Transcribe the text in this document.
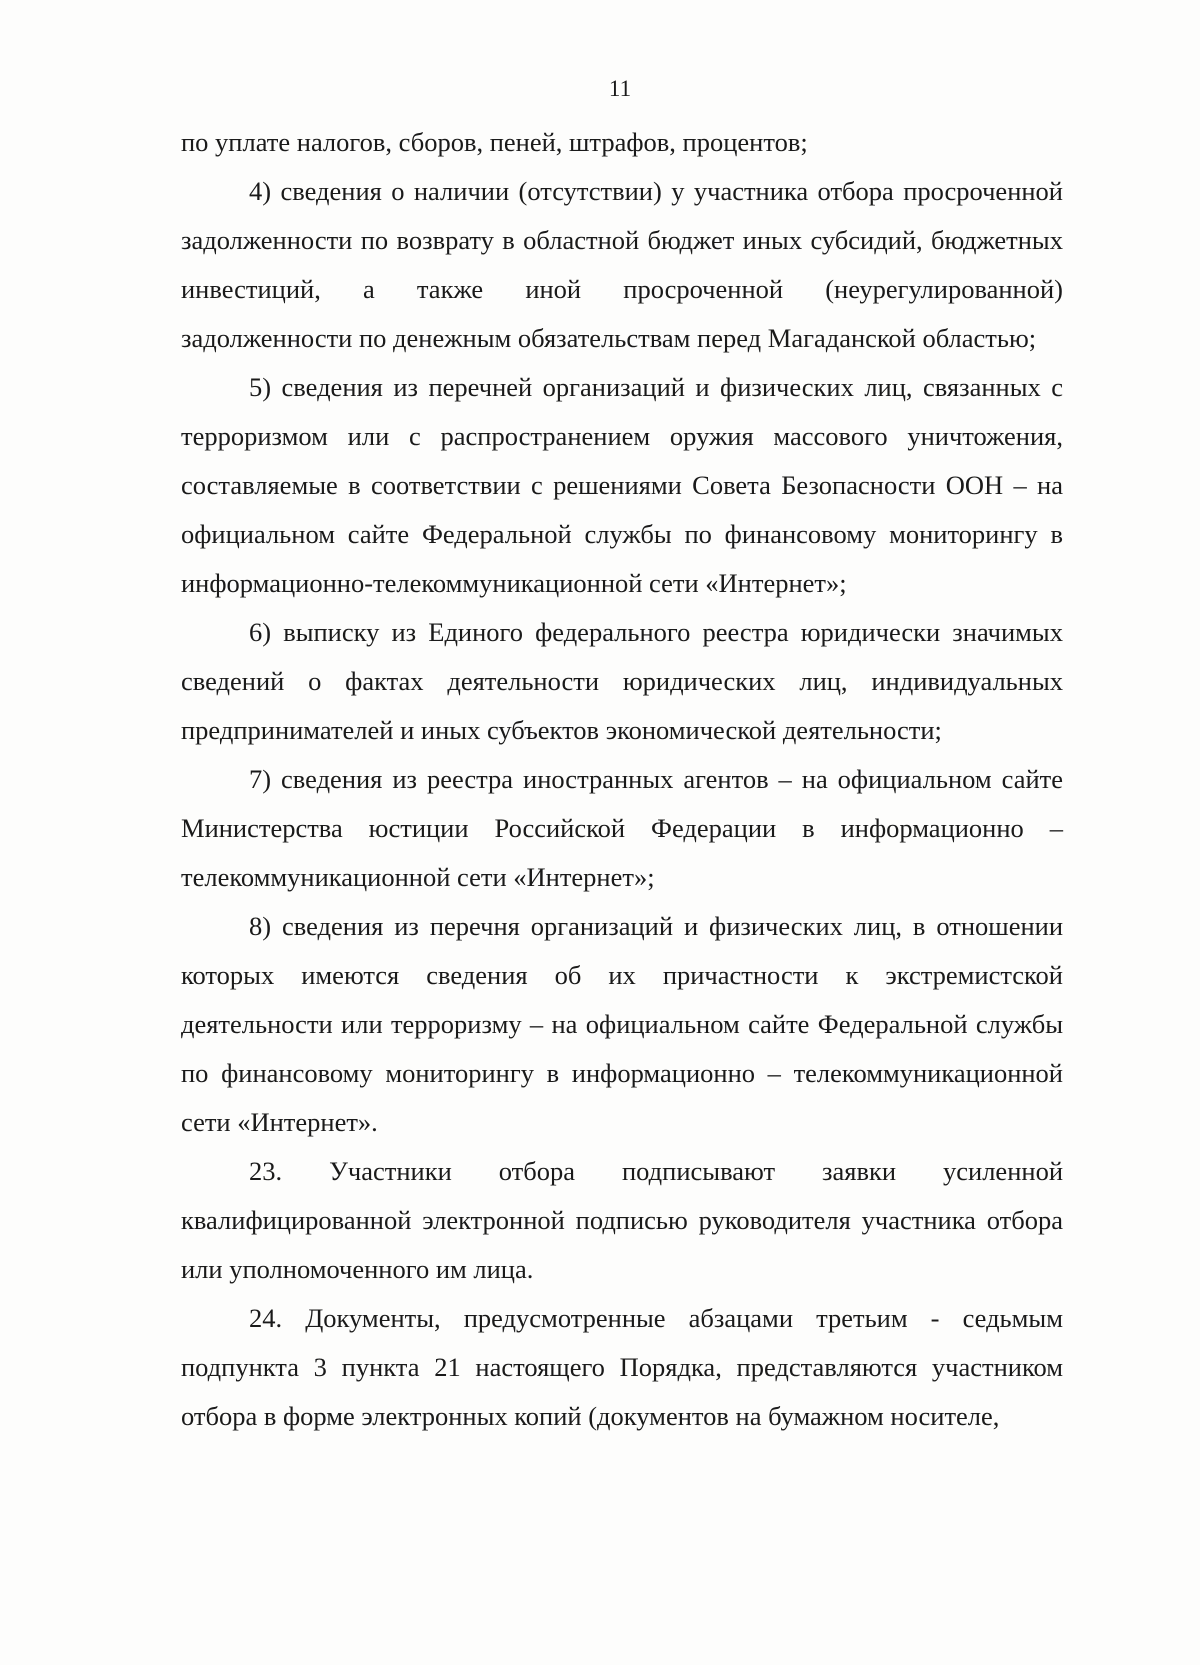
11

по уплате налогов, сборов, пеней, штрафов, процентов;

4) сведения о наличии (отсутствии) у участника отбора просроченной задолженности по возврату в областной бюджет иных субсидий, бюджетных инвестиций, а также иной просроченной (неурегулированной) задолженности по денежным обязательствам перед Магаданской областью;

5) сведения из перечней организаций и физических лиц, связанных с терроризмом или с распространением оружия массового уничтожения, составляемые в соответствии с решениями Совета Безопасности ООН – на официальном сайте Федеральной службы по финансовому мониторингу в информационно-телекоммуникационной сети «Интернет»;

6) выписку из Единого федерального реестра юридически значимых сведений о фактах деятельности юридических лиц, индивидуальных предпринимателей и иных субъектов экономической деятельности;

7) сведения из реестра иностранных агентов – на официальном сайте Министерства юстиции Российской Федерации в информационно – телекоммуникационной сети «Интернет»;

8) сведения из перечня организаций и физических лиц, в отношении которых имеются сведения об их причастности к экстремистской деятельности или терроризму – на официальном сайте Федеральной службы по финансовому мониторингу в информационно – телекоммуникационной сети «Интернет».

23. Участники отбора подписывают заявки усиленной квалифицированной электронной подписью руководителя участника отбора или уполномоченного им лица.

24. Документы, предусмотренные абзацами третьим - седьмым подпункта 3 пункта 21 настоящего Порядка, представляются участником отбора в форме электронных копий (документов на бумажном носителе,
